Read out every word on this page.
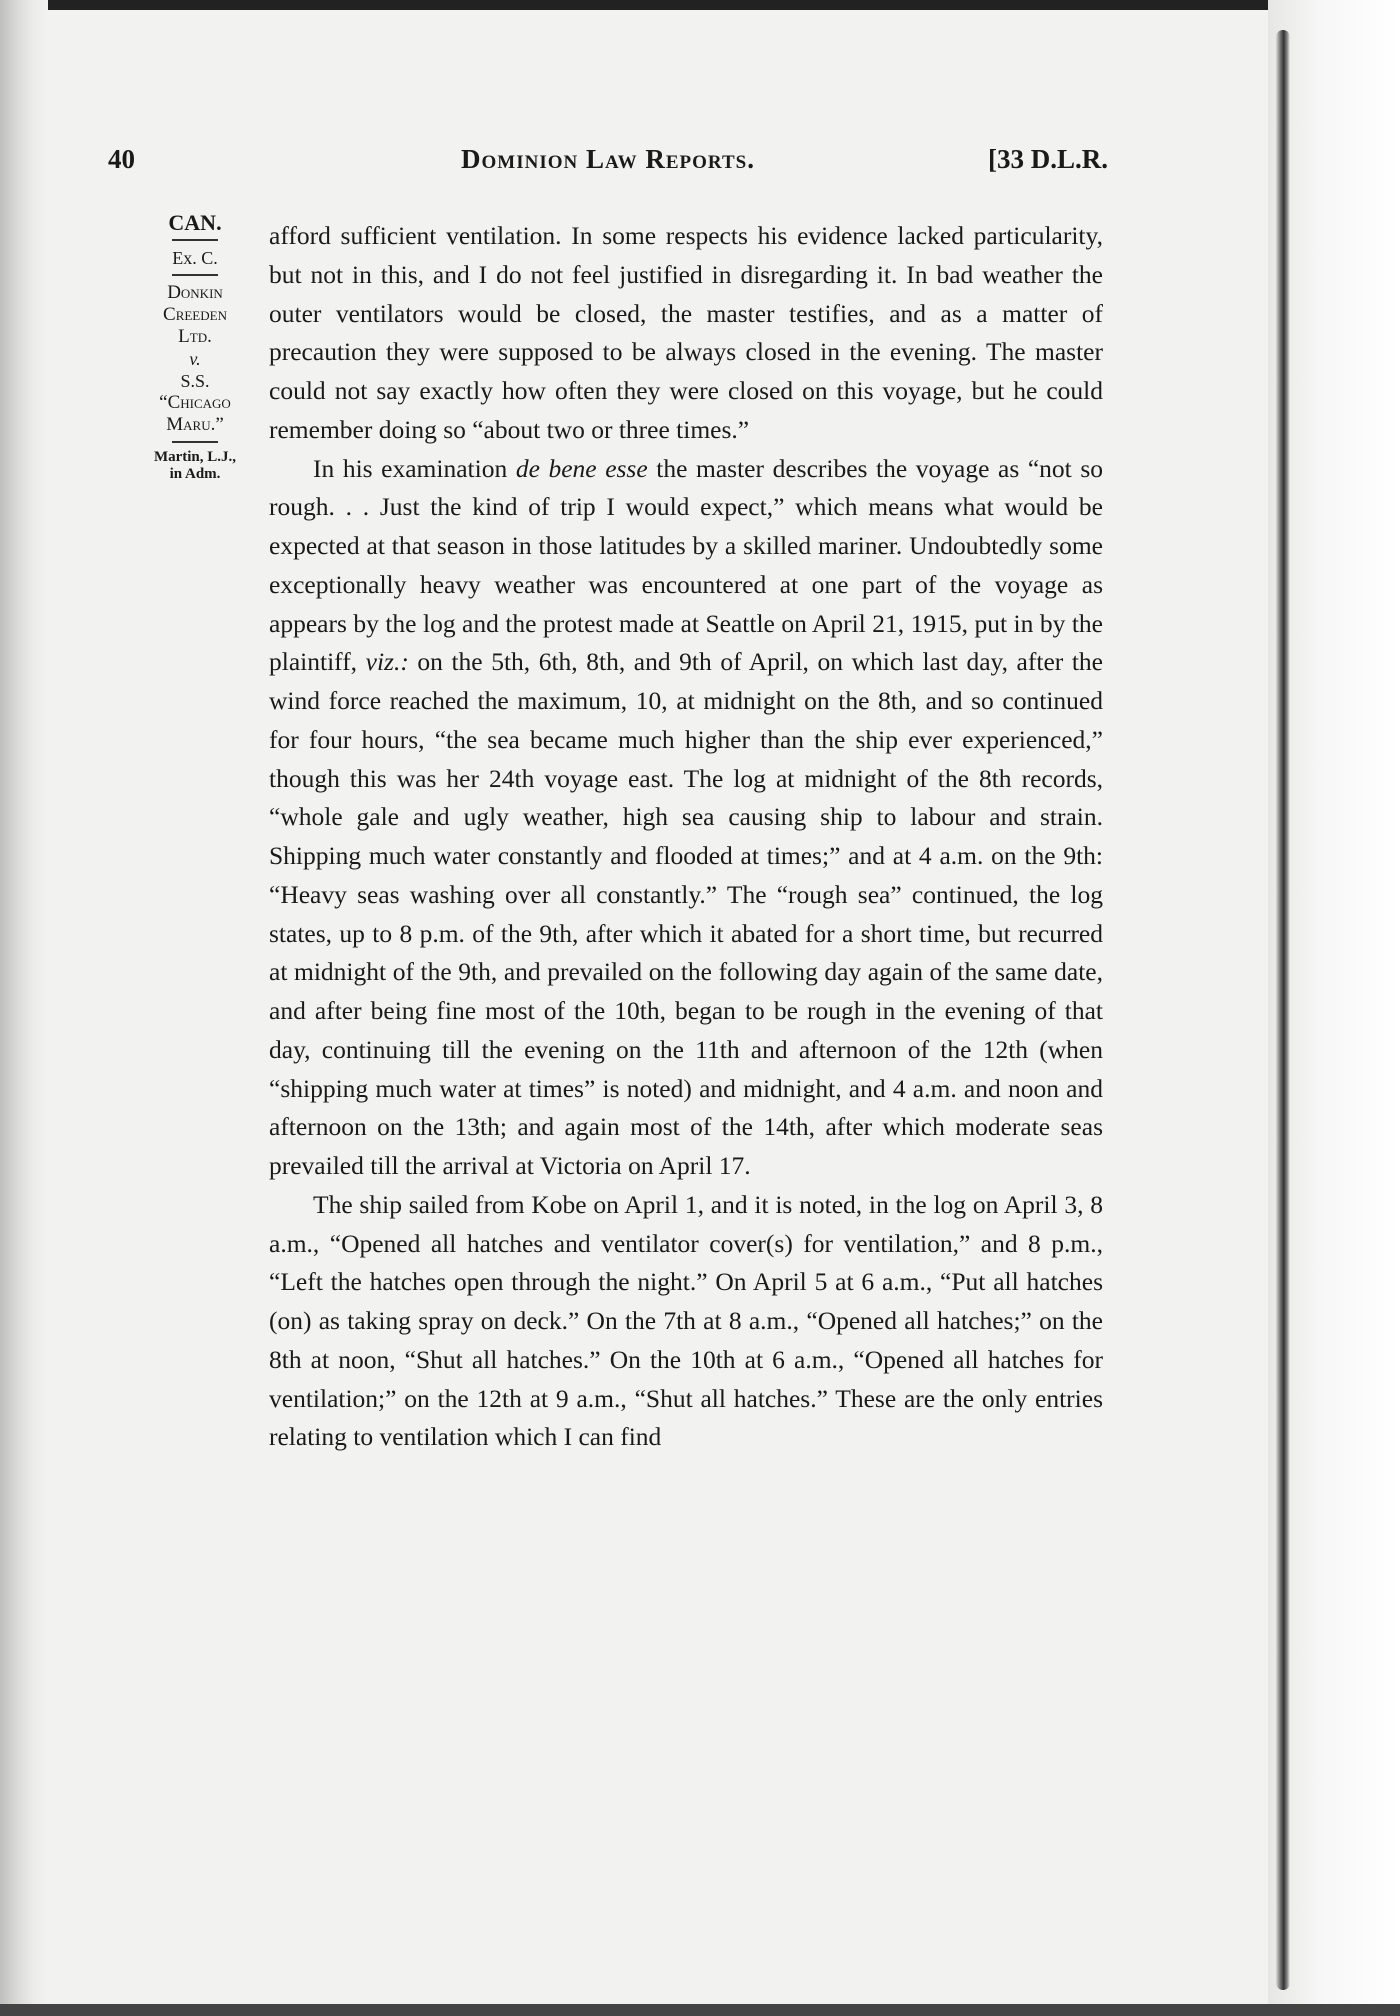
40	Dominion Law Reports.	[33 D.L.R.
CAN.
Ex. C.
Donkin
Creeden
Ltd.
v.
S.S.
“Chicago
Maru.”
Martin, L.J.,
in Adm.

afford sufficient ventilation. In some respects his evidence lacked particularity, but not in this, and I do not feel justified in disregarding it. In bad weather the outer ventilators would be closed, the master testifies, and as a matter of precaution they were supposed to be always closed in the evening. The master could not say exactly how often they were closed on this voyage, but he could remember doing so “about two or three times.”

In his examination de bene esse the master describes the voyage as “not so rough. . . Just the kind of trip I would expect,” which means what would be expected at that season in those latitudes by a skilled mariner. Undoubtedly some exceptionally heavy weather was encountered at one part of the voyage as appears by the log and the protest made at Seattle on April 21, 1915, put in by the plaintiff, viz.: on the 5th, 6th, 8th, and 9th of April, on which last day, after the wind force reached the maximum, 10, at midnight on the 8th, and so continued for four hours, “the sea became much higher than the ship ever experienced,” though this was her 24th voyage east. The log at midnight of the 8th records, “whole gale and ugly weather, high sea causing ship to labour and strain. Shipping much water constantly and flooded at times;” and at 4 a.m. on the 9th: “Heavy seas washing over all constantly.” The “rough sea” continued, the log states, up to 8 p.m. of the 9th, after which it abated for a short time, but recurred at midnight of the 9th, and prevailed on the following day again of the same date, and after being fine most of the 10th, began to be rough in the evening of that day, continuing till the evening on the 11th and afternoon of the 12th (when “shipping much water at times” is noted) and midnight, and 4 a.m. and noon and afternoon on the 13th; and again most of the 14th, after which moderate seas prevailed till the arrival at Victoria on April 17.

The ship sailed from Kobe on April 1, and it is noted, in the log on April 3, 8 a.m., “Opened all hatches and ventilator cover(s) for ventilation,” and 8 p.m., “Left the hatches open through the night.” On April 5 at 6 a.m., “Put all hatches (on) as taking spray on deck.” On the 7th at 8 a.m., “Opened all hatches;” on the 8th at noon, “Shut all hatches.” On the 10th at 6 a.m., “Opened all hatches for ventilation;” on the 12th at 9 a.m., “Shut all hatches.” These are the only entries relating to ventilation which I can find
